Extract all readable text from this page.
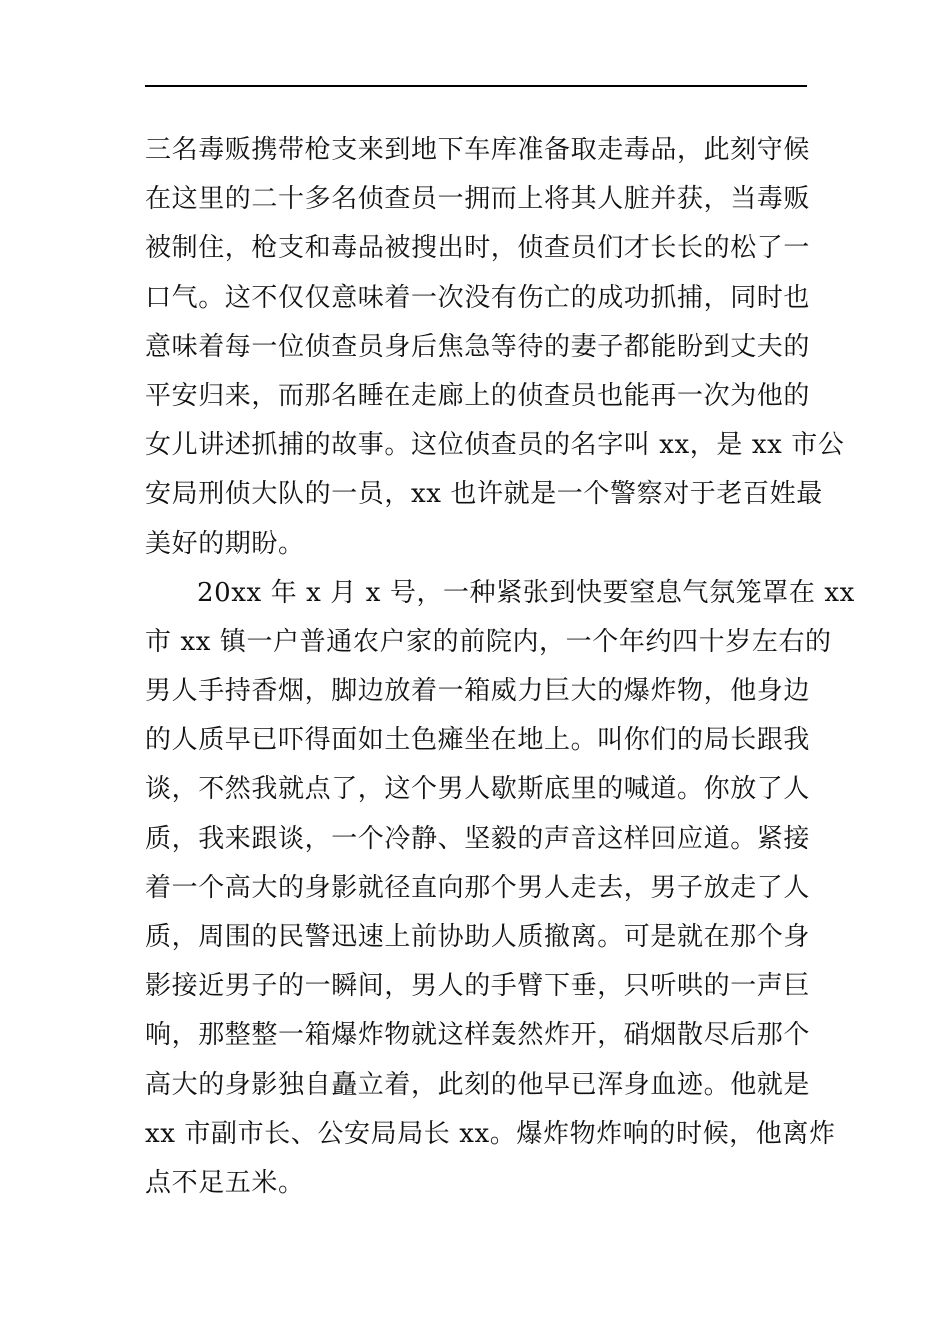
三名毒贩携带枪支来到地下车库准备取走毒品，此刻守候
在这里的二十多名侦查员一拥而上将其人脏并获，当毒贩
被制住，枪支和毒品被搜出时，侦查员们才长长的松了一
口气。这不仅仅意味着一次没有伤亡的成功抓捕，同时也
意味着每一位侦查员身后焦急等待的妻子都能盼到丈夫的
平安归来，而那名睡在走廊上的侦查员也能再一次为他的
女儿讲述抓捕的故事。这位侦查员的名字叫 xx，是 xx 市公
安局刑侦大队的一员，xx 也许就是一个警察对于老百姓最
美好的期盼。
20xx 年 x 月 x 号，一种紧张到快要窒息气氛笼罩在 xx
市 xx 镇一户普通农户家的前院内，一个年约四十岁左右的
男人手持香烟，脚边放着一箱威力巨大的爆炸物，他身边
的人质早已吓得面如土色瘫坐在地上。叫你们的局长跟我
谈，不然我就点了，这个男人歇斯底里的喊道。你放了人
质，我来跟谈，一个冷静、坚毅的声音这样回应道。紧接
着一个高大的身影就径直向那个男人走去，男子放走了人
质，周围的民警迅速上前协助人质撤离。可是就在那个身
影接近男子的一瞬间，男人的手臂下垂，只听哄的一声巨
响，那整整一箱爆炸物就这样轰然炸开，硝烟散尽后那个
高大的身影独自矗立着，此刻的他早已浑身血迹。他就是
xx 市副市长、公安局局长 xx。爆炸物炸响的时候，他离炸
点不足五米。
